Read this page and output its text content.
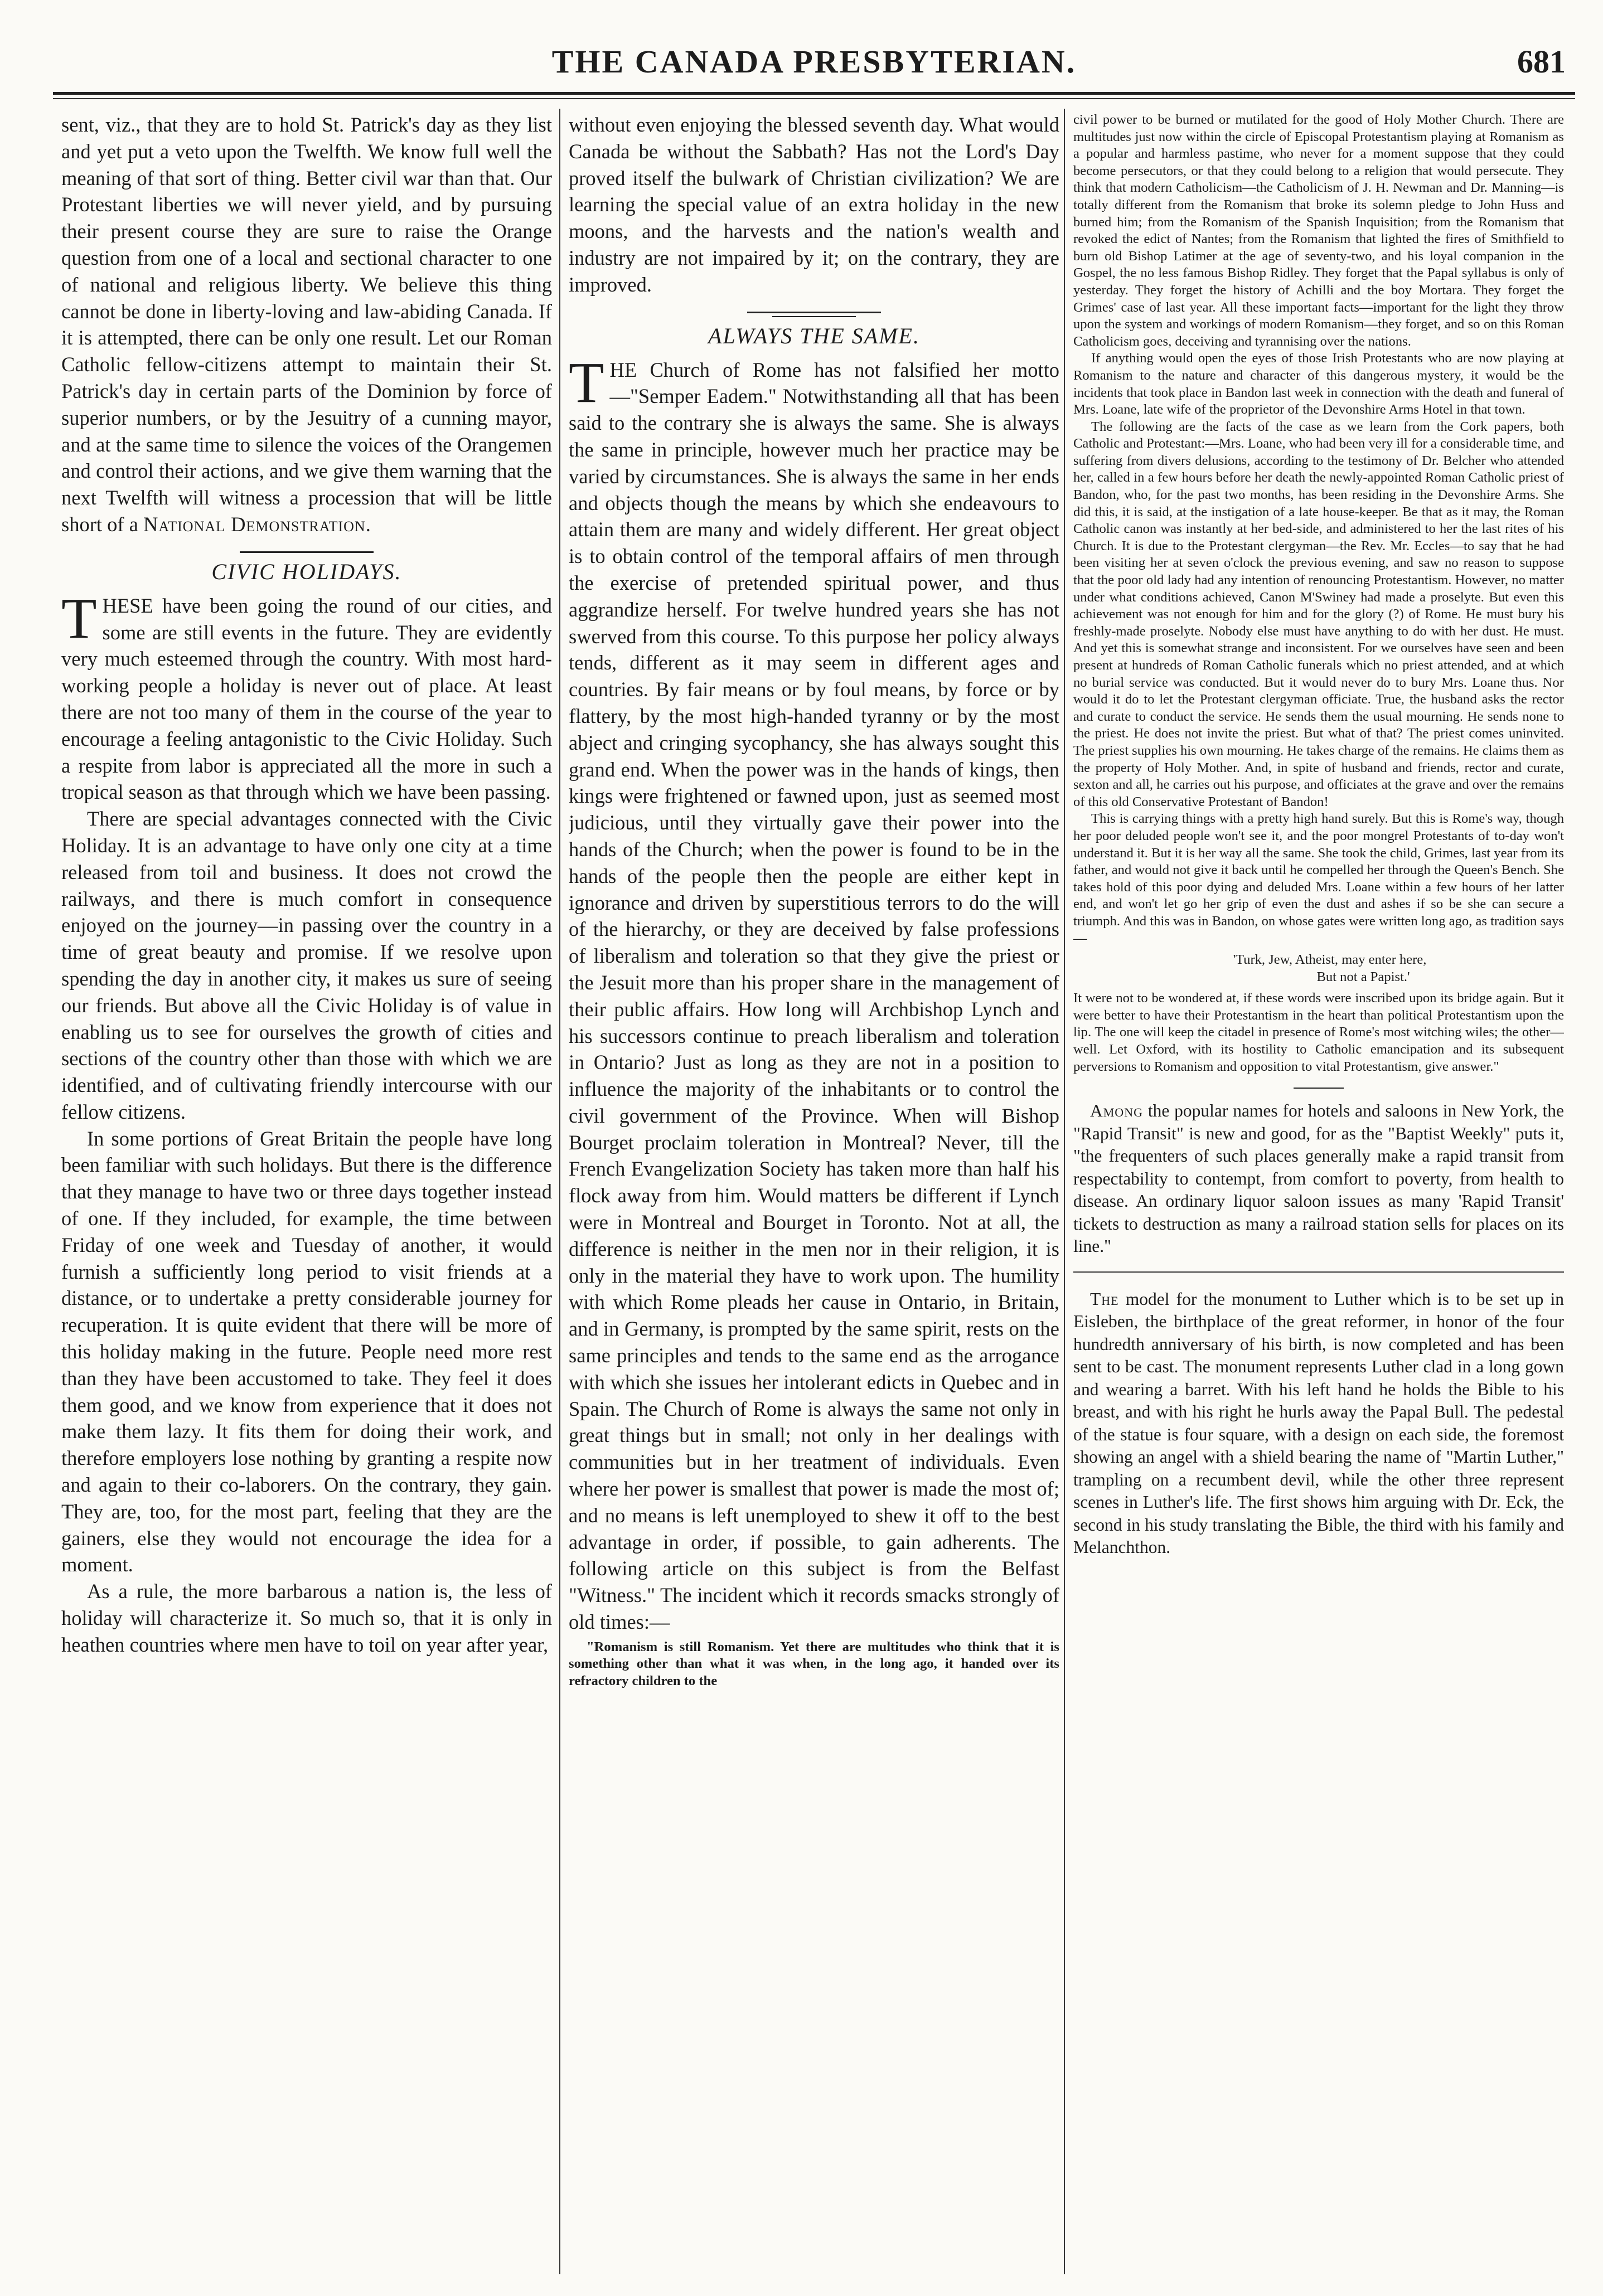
THE CANADA PRESBYTERIAN.	681

sent, viz., that they are to hold St. Patrick's day as they list and yet put a veto upon the Twelfth. We know full well the meaning of that sort of thing. Better civil war than that. Our Protestant liberties we will never yield, and by pursuing their present course they are sure to raise the Orange question from one of a local and sectional character to one of national and religious liberty. We believe this thing cannot be done in liberty-loving and law-abiding Canada. If it is attempted, there can be only one result. Let our Roman Catholic fellow-citizens attempt to maintain their St. Patrick's day in certain parts of the Dominion by force of superior numbers, or by the Jesuitry of a cunning mayor, and at the same time to silence the voices of the Orangemen and control their actions, and we give them warning that the next Twelfth will witness a procession that will be little short of a National Demonstration.

CIVIC HOLIDAYS.

THESE have been going the round of our cities, and some are still events in the future. They are evidently very much esteemed through the country. With most hard-working people a holiday is never out of place. At least there are not too many of them in the course of the year to encourage a feeling antagonistic to the Civic Holiday. Such a respite from labor is appreciated all the more in such a tropical season as that through which we have been passing.

There are special advantages connected with the Civic Holiday. It is an advantage to have only one city at a time released from toil and business. It does not crowd the railways, and there is much comfort in consequence enjoyed on the journey—in passing over the country in a time of great beauty and promise. If we resolve upon spending the day in another city, it makes us sure of seeing our friends. But above all the Civic Holiday is of value in enabling us to see for ourselves the growth of cities and sections of the country other than those with which we are identified, and of cultivating friendly intercourse with our fellow citizens.

In some portions of Great Britain the people have long been familiar with such holidays. But there is the difference that they manage to have two or three days together instead of one. If they included, for example, the time between Friday of one week and Tuesday of another, it would furnish a sufficiently long period to visit friends at a distance, or to undertake a pretty considerable journey for recuperation. It is quite evident that there will be more of this holiday making in the future. People need more rest than they have been accustomed to take. They feel it does them good, and we know from experience that it does not make them lazy. It fits them for doing their work, and therefore employers lose nothing by granting a respite now and again to their co-laborers. On the contrary, they gain. They are, too, for the most part, feeling that they are the gainers, else they would not encourage the idea for a moment.

As a rule, the more barbarous a nation is, the less of holiday will characterize it. So much so, that it is only in heathen countries where men have to toil on year after year,

without even enjoying the blessed seventh day. What would Canada be without the Sabbath? Has not the Lord's Day proved itself the bulwark of Christian civilization? We are learning the special value of an extra holiday in the new moons, and the harvests and the nation's wealth and industry are not impaired by it; on the contrary, they are improved.

ALWAYS THE SAME.

THE Church of Rome has not falsified her motto—"Semper Eadem." Notwithstanding all that has been said to the contrary she is always the same. She is always the same in principle, however much her practice may be varied by circumstances. She is always the same in her ends and objects though the means by which she endeavours to attain them are many and widely different. Her great object is to obtain control of the temporal affairs of men through the exercise of pretended spiritual power, and thus aggrandize herself. For twelve hundred years she has not swerved from this course. To this purpose her policy always tends, different as it may seem in different ages and countries. By fair means or by foul means, by force or by flattery, by the most high-handed tyranny or by the most abject and cringing sycophancy, she has always sought this grand end. When the power was in the hands of kings, then kings were frightened or fawned upon, just as seemed most judicious, until they virtually gave their power into the hands of the Church; when the power is found to be in the hands of the people then the people are either kept in ignorance and driven by superstitious terrors to do the will of the hierarchy, or they are deceived by false professions of liberalism and toleration so that they give the priest or the Jesuit more than his proper share in the management of their public affairs. How long will Archbishop Lynch and his successors continue to preach liberalism and toleration in Ontario? Just as long as they are not in a position to influence the majority of the inhabitants or to control the civil government of the Province. When will Bishop Bourget proclaim toleration in Montreal? Never, till the French Evangelization Society has taken more than half his flock away from him. Would matters be different if Lynch were in Montreal and Bourget in Toronto. Not at all, the difference is neither in the men nor in their religion, it is only in the material they have to work upon. The humility with which Rome pleads her cause in Ontario, in Britain, and in Germany, is prompted by the same spirit, rests on the same principles and tends to the same end as the arrogance with which she issues her intolerant edicts in Quebec and in Spain. The Church of Rome is always the same not only in great things but in small; not only in her dealings with communities but in her treatment of individuals. Even where her power is smallest that power is made the most of; and no means is left unemployed to shew it off to the best advantage in order, if possible, to gain adherents. The following article on this subject is from the Belfast "Witness." The incident which it records smacks strongly of old times:—

"Romanism is still Romanism. Yet there are multitudes who think that it is something other than what it was when, in the long ago, it handed over its refractory children to the

civil power to be burned or mutilated for the good of Holy Mother Church. There are multitudes just now within the circle of Episcopal Protestantism playing at Romanism as a popular and harmless pastime, who never for a moment suppose that they could become persecutors, or that they could belong to a religion that would persecute. They think that modern Catholicism—the Catholicism of J. H. Newman and Dr. Manning—is totally different from the Romanism that broke its solemn pledge to John Huss and burned him; from the Romanism of the Spanish Inquisition; from the Romanism that revoked the edict of Nantes; from the Romanism that lighted the fires of Smithfield to burn old Bishop Latimer at the age of seventy-two, and his loyal companion in the Gospel, the no less famous Bishop Ridley. They forget that the Papal syllabus is only of yesterday. They forget the history of Achilli and the boy Mortara. They forget the Grimes' case of last year. All these important facts—important for the light they throw upon the system and workings of modern Romanism—they forget, and so on this Roman Catholicism goes, deceiving and tyrannising over the nations.

If anything would open the eyes of those Irish Protestants who are now playing at Romanism to the nature and character of this dangerous mystery, it would be the incidents that took place in Bandon last week in connection with the death and funeral of Mrs. Loane, late wife of the proprietor of the Devonshire Arms Hotel in that town.

The following are the facts of the case as we learn from the Cork papers, both Catholic and Protestant:—Mrs. Loane, who had been very ill for a considerable time, and suffering from divers delusions, according to the testimony of Dr. Belcher who attended her, called in a few hours before her death the newly-appointed Roman Catholic priest of Bandon, who, for the past two months, has been residing in the Devonshire Arms. She did this, it is said, at the instigation of a late house-keeper. Be that as it may, the Roman Catholic canon was instantly at her bed-side, and administered to her the last rites of his Church. It is due to the Protestant clergyman—the Rev. Mr. Eccles—to say that he had been visiting her at seven o'clock the previous evening, and saw no reason to suppose that the poor old lady had any intention of renouncing Protestantism. However, no matter under what conditions achieved, Canon M'Swiney had made a proselyte. But even this achievement was not enough for him and for the glory (?) of Rome. He must bury his freshly-made proselyte. Nobody else must have anything to do with her dust. He must. And yet this is somewhat strange and inconsistent. For we ourselves have seen and been present at hundreds of Roman Catholic funerals which no priest attended, and at which no burial service was conducted. But it would never do to bury Mrs. Loane thus. Nor would it do to let the Protestant clergyman officiate. True, the husband asks the rector and curate to conduct the service. He sends them the usual mourning. He sends none to the priest. He does not invite the priest. But what of that? The priest comes uninvited. The priest supplies his own mourning. He takes charge of the remains. He claims them as the property of Holy Mother. And, in spite of husband and friends, rector and curate, sexton and all, he carries out his purpose, and officiates at the grave and over the remains of this old Conservative Protestant of Bandon!

This is carrying things with a pretty high hand surely. But this is Rome's way, though her poor deluded people won't see it, and the poor mongrel Protestants of to-day won't understand it. But it is her way all the same. She took the child, Grimes, last year from its father, and would not give it back until he compelled her through the Queen's Bench. She takes hold of this poor dying and deluded Mrs. Loane within a few hours of her latter end, and won't let go her grip of even the dust and ashes if so be she can secure a triumph. And this was in Bandon, on whose gates were written long ago, as tradition says—

'Turk, Jew, Atheist, may enter here,
But not a Papist.'

It were not to be wondered at, if these words were inscribed upon its bridge again. But it were better to have their Protestantism in the heart than political Protestantism upon the lip. The one will keep the citadel in presence of Rome's most witching wiles; the other—well. Let Oxford, with its hostility to Catholic emancipation and its subsequent perversions to Romanism and opposition to vital Protestantism, give answer."

Among the popular names for hotels and saloons in New York, the "Rapid Transit" is new and good, for as the "Baptist Weekly" puts it, "the frequenters of such places generally make a rapid transit from respectability to contempt, from comfort to poverty, from health to disease. An ordinary liquor saloon issues as many 'Rapid Transit' tickets to destruction as many a railroad station sells for places on its line."

The model for the monument to Luther which is to be set up in Eisleben, the birthplace of the great reformer, in honor of the four hundredth anniversary of his birth, is now completed and has been sent to be cast. The monument represents Luther clad in a long gown and wearing a barret. With his left hand he holds the Bible to his breast, and with his right he hurls away the Papal Bull. The pedestal of the statue is four square, with a design on each side, the foremost showing an angel with a shield bearing the name of "Martin Luther," trampling on a recumbent devil, while the other three represent scenes in Luther's life. The first shows him arguing with Dr. Eck, the second in his study translating the Bible, the third with his family and Melanchthon.
